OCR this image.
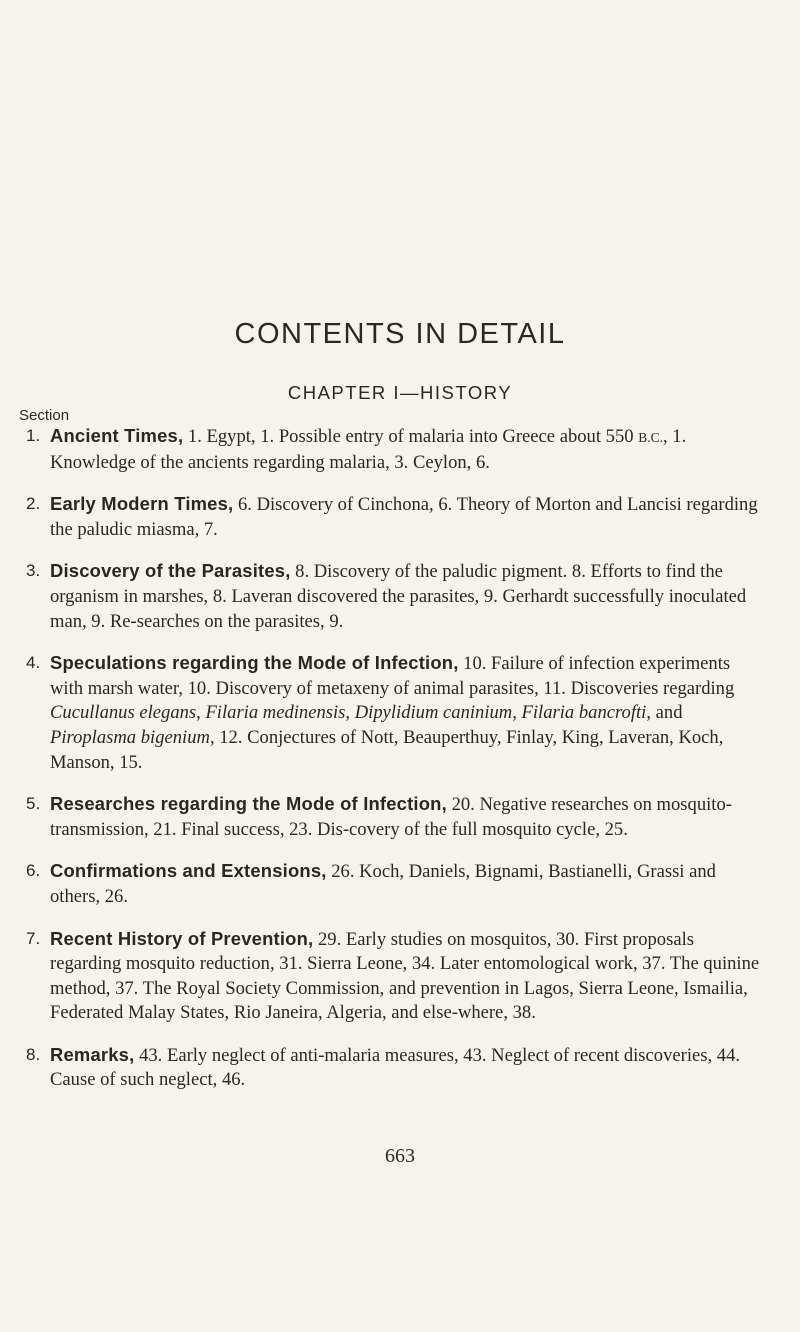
CONTENTS IN DETAIL
CHAPTER I—HISTORY
Section
1. Ancient Times, 1. Egypt, 1. Possible entry of malaria into Greece about 550 B.C., 1. Knowledge of the ancients regarding malaria, 3. Ceylon, 6.
2. Early Modern Times, 6. Discovery of Cinchona, 6. Theory of Morton and Lancisi regarding the paludic miasma, 7.
3. Discovery of the Parasites, 8. Discovery of the paludic pigment. 8. Efforts to find the organism in marshes, 8. Laveran discovered the parasites, 9. Gerhardt successfully inoculated man, 9. Re-searches on the parasites, 9.
4. Speculations regarding the Mode of Infection, 10. Failure of infection experiments with marsh water, 10. Discovery of metaxeny of animal parasites, 11. Discoveries regarding Cucullanus elegans, Filaria medinensis, Dipylidium caninium, Filaria bancrofti, and Piroplasma bigenium, 12. Conjectures of Nott, Beauperthuy, Finlay, King, Laveran, Koch, Manson, 15.
5. Researches regarding the Mode of Infection, 20. Negative researches on mosquito-transmission, 21. Final success, 23. Dis-covery of the full mosquito cycle, 25.
6. Confirmations and Extensions, 26. Koch, Daniels, Bignami, Bastianelli, Grassi and others, 26.
7. Recent History of Prevention, 29. Early studies on mosquitos, 30. First proposals regarding mosquito reduction, 31. Sierra Leone, 34. Later entomological work, 37. The quinine method, 37. The Royal Society Commission, and prevention in Lagos, Sierra Leone, Ismailia, Federated Malay States, Rio Janeira, Algeria, and else-where, 38.
8. Remarks, 43. Early neglect of anti-malaria measures, 43. Neglect of recent discoveries, 44. Cause of such neglect, 46.
663
